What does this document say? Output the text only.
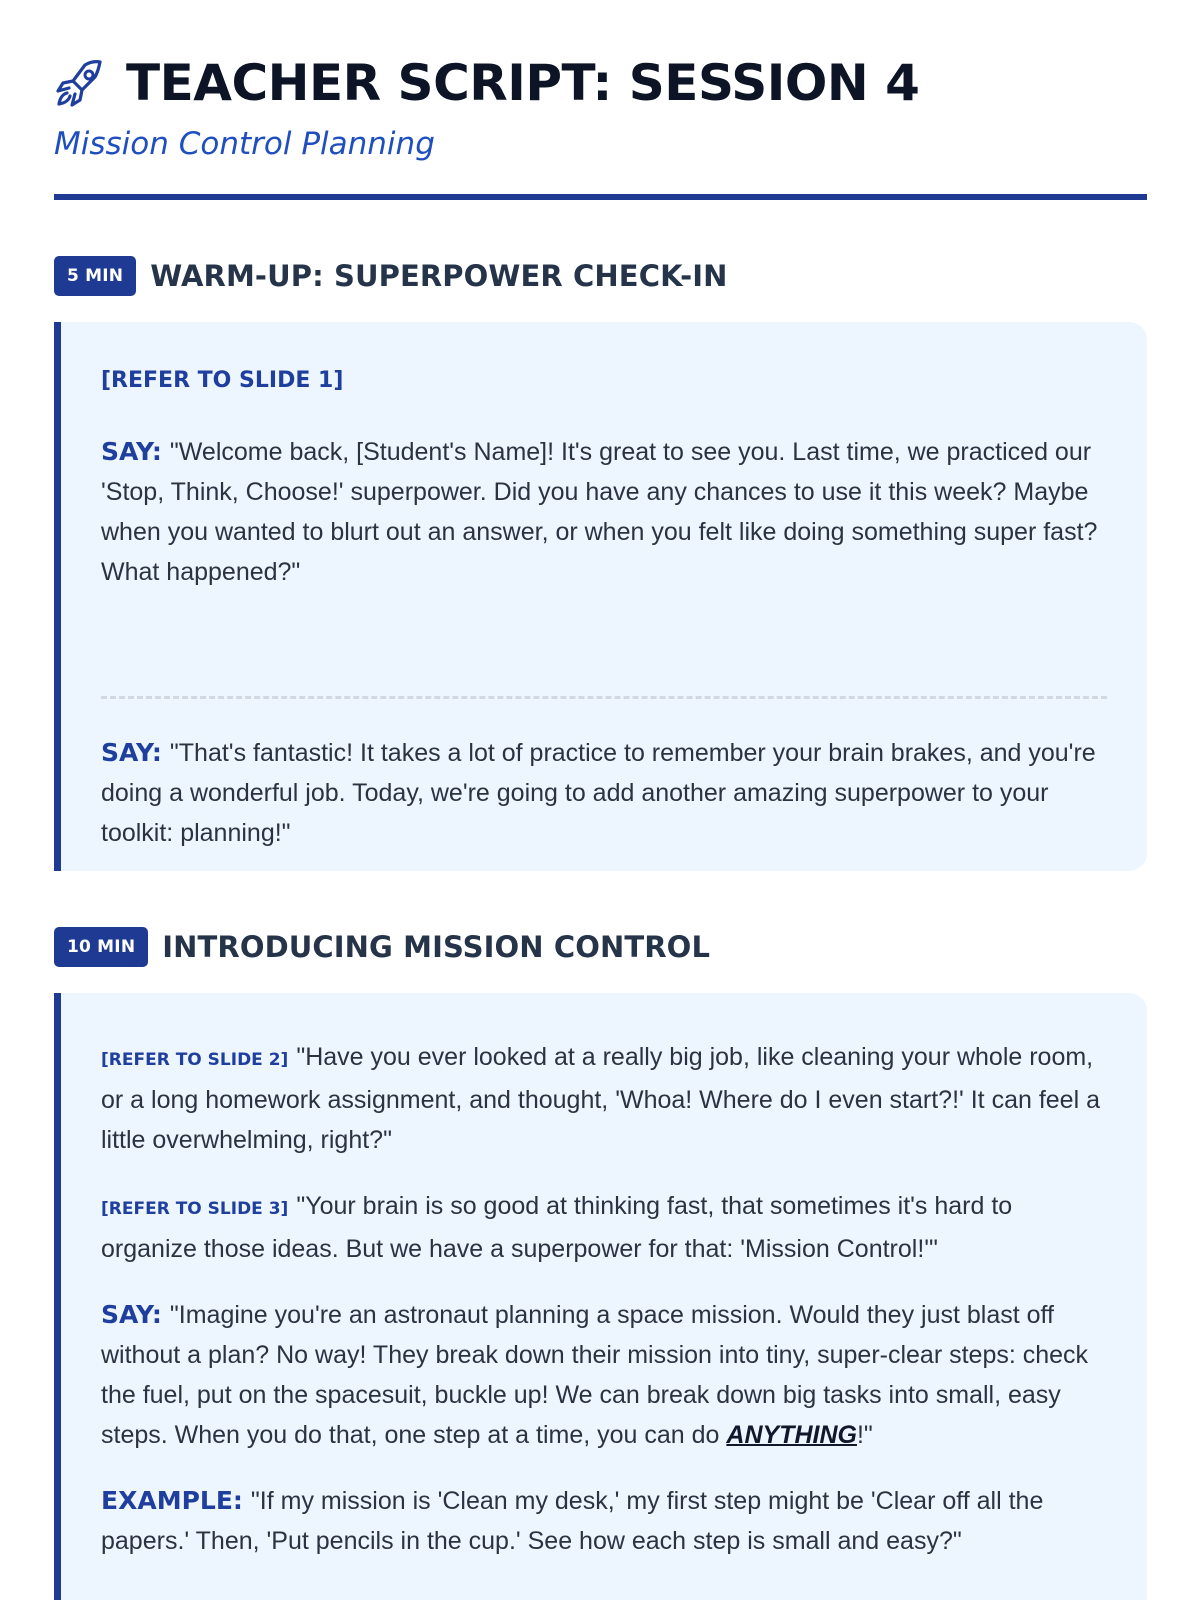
TEACHER SCRIPT: SESSION 4
Mission Control Planning
5 MIN WARM-UP: SUPERPOWER CHECK-IN
[REFER TO SLIDE 1]

SAY: "Welcome back, [Student's Name]! It's great to see you. Last time, we practiced our 'Stop, Think, Choose!' superpower. Did you have any chances to use it this week? Maybe when you wanted to blurt out an answer, or when you felt like doing something super fast? What happened?"

SAY: "That's fantastic! It takes a lot of practice to remember your brain brakes, and you're doing a wonderful job. Today, we're going to add another amazing superpower to your toolkit: planning!"

10 MIN INTRODUCING MISSION CONTROL

[REFER TO SLIDE 2] "Have you ever looked at a really big job, like cleaning your whole room, or a long homework assignment, and thought, 'Whoa! Where do I even start?!' It can feel a little overwhelming, right?"

[REFER TO SLIDE 3] "Your brain is so good at thinking fast, that sometimes it's hard to organize those ideas. But we have a superpower for that: 'Mission Control!'"

SAY: "Imagine you're an astronaut planning a space mission. Would they just blast off without a plan? No way! They break down their mission into tiny, super-clear steps: check the fuel, put on the spacesuit, buckle up! We can break down big tasks into small, easy steps. When you do that, one step at a time, you can do ANYTHING!"

EXAMPLE: "If my mission is 'Clean my desk,' my first step might be 'Clear off all the papers.' Then, 'Put pencils in the cup.' See how each step is small and easy?"
